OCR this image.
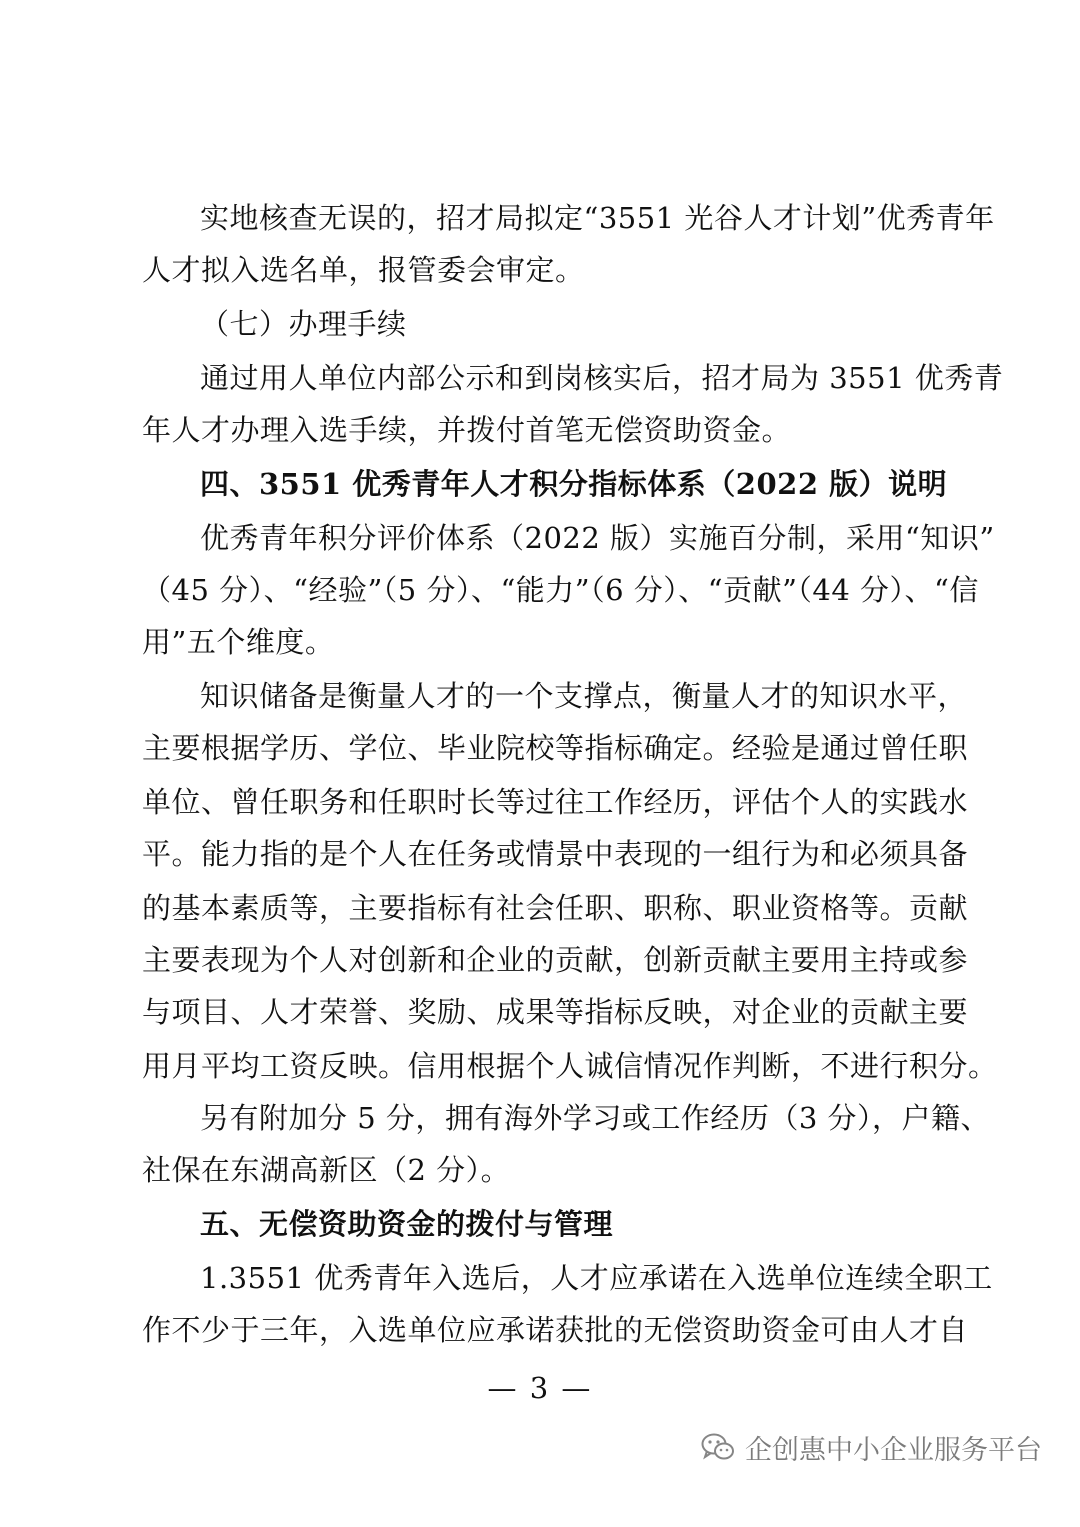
实地核查无误的，招才局拟定“3551 光谷人才计划”优秀青年
人才拟入选名单，报管委会审定。
（七）办理手续
通过用人单位内部公示和到岗核实后，招才局为 3551 优秀青
年人才办理入选手续，并拨付首笔无偿资助资金。
四、3551 优秀青年人才积分指标体系（2022 版）说明
优秀青年积分评价体系（2022 版）实施百分制，采用“知识”
（45 分）、“经验”（5 分）、“能力”（6 分）、“贡献”（44 分）、“信
用”五个维度。
知识储备是衡量人才的一个支撑点，衡量人才的知识水平，
主要根据学历、学位、毕业院校等指标确定。经验是通过曾任职
单位、曾任职务和任职时长等过往工作经历，评估个人的实践水
平。能力指的是个人在任务或情景中表现的一组行为和必须具备
的基本素质等，主要指标有社会任职、职称、职业资格等。贡献
主要表现为个人对创新和企业的贡献，创新贡献主要用主持或参
与项目、人才荣誉、奖励、成果等指标反映，对企业的贡献主要
用月平均工资反映。信用根据个人诚信情况作判断，不进行积分。
另有附加分 5 分，拥有海外学习或工作经历（3 分），户籍、
社保在东湖高新区（2 分）。
五、无偿资助资金的拨付与管理
1.3551 优秀青年入选后，人才应承诺在入选单位连续全职工
作不少于三年，入选单位应承诺获批的无偿资助资金可由人才自
— 3 —
企创惠中小企业服务平台
